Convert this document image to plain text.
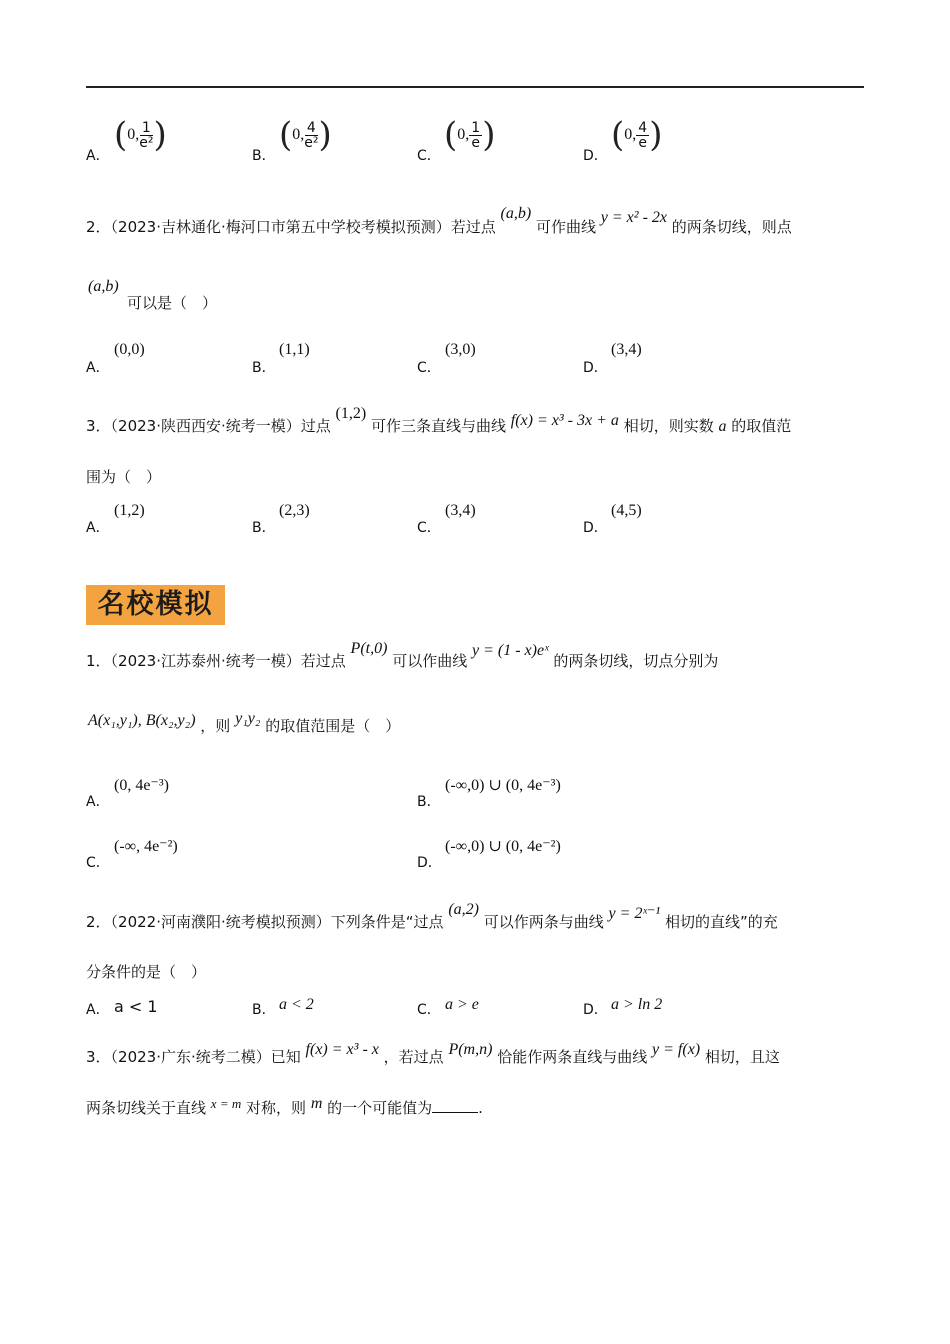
A．
( 0, $\frac{1}{\text{e²}}$ )
B．
( 0, $\frac{4}{\text{e²}}$ )
C．
( 0, $\frac{1}{e}$ )
D．
( 0, $\frac{4}{e}$ )
2．（2023·吉林通化·梅河口市第五中学校考模拟预测）若过点 (a,b) 可作曲线 y = x² - 2x 的两条切线，则点
(a,b)
可以是（　）
A．
(0,0)
B．
(1,1)
C．
(3,0)
D．
(3,4)
3．（2023·陕西西安·统考一模）过点 (1,2) 可作三条直线与曲线 f(x) = x³ - 3x + a 相切，则实数 a 的取值范
围为（　）
A．
(1,2)
B．
(2,3)
C．
(3,4)
D．
(4,5)
名校模拟
1．（2023·江苏泰州·统考一模）若过点 P(t,0) 可以作曲线 y = (1 - x)eˣ 的两条切线，切点分别为
A(x₁,y₁), B(x₂,y₂) ，则 y₁y₂ 的取值范围是（　）
A．
(0, 4e⁻³)
B．
(-∞,0) ∪ (0, 4e⁻³)
C．
(-∞, 4e⁻²)
D．
(-∞,0) ∪ (0, 4e⁻²)
2．（2022·河南濮阳·统考模拟预测）下列条件是“过点 (a,2) 可以作两条与曲线 y = 2ˣ⁻¹ 相切的直线”的充
分条件的是（　）
A． a < 1	B． a < 2	C． a > e	D． a > ln 2
3．（2023·广东·统考二模）已知 f(x) = x³ - x ，若过点 P(m,n) 恰能作两条直线与曲线 y = f(x) 相切，且这
两条切线关于直线 x = m 对称，则 m 的一个可能值为	.
